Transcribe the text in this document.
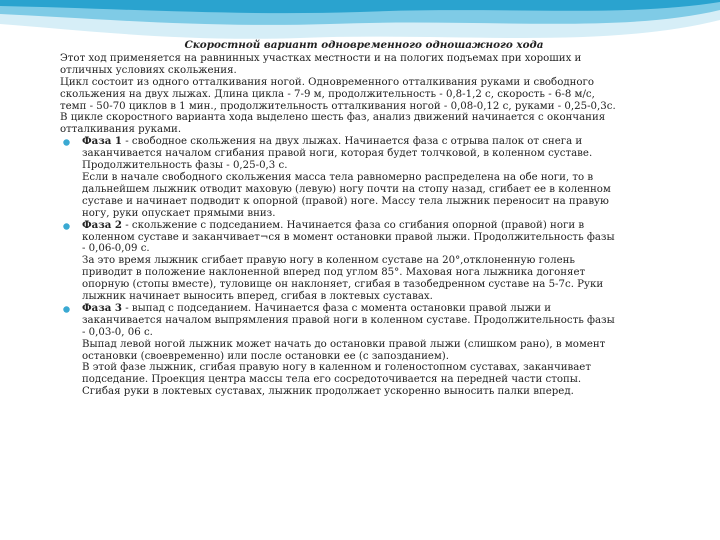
Скоростной вариант одновременного одношажного хода

Этот ход применяется на равнинных участках местности и на пологих подъемах при хороших и

отличных условиях скольжения.

Цикл состоит из одного отталкивания ногой. Одновременного отталкивания руками и свободного

скольжения на двух лыжах. Длина цикла - 7-9 м, продолжительность - 0,8-1,2 с, скорость - 6-8 м/с,

темп - 50-70 циклов в 1 мин., продолжительность отталкивания ногой - 0,08-0,12 с, руками - 0,25-0,3с.

В цикле скоростного варианта хода выделено шесть фаз, анализ движений начинается с окончания

отталкивания руками.

Фаза 1 - свободное скольжения на двух лыжах. Начинается фаза с отрыва палок от снега и

заканчивается началом сгибания правой ноги, которая будет толчковой, в коленном суставе.

Продолжительность фазы - 0,25-0,3 с.

Если в начале свободного скольжения масса тела равномерно распределена на обе ноги, то в

дальнейшем лыжник отводит маховую (левую) ногу почти на стопу назад, сгибает ее в коленном

суставе и начинает подводит к опорной (правой) ноге. Массу тела лыжник переносит на правую

ногу, руки опускает прямыми вниз.

Фаза 2 - скольжение с подседанием. Начинается фаза со сгибания опорной (правой) ноги в

коленном суставе и заканчивает¬ся в момент остановки правой лыжи. Продолжительность фазы

- 0,06-0,09 с.

За это время лыжник сгибает правую ногу в коленном суставе на 20°,отклоненную голень

приводит в положение наклоненной вперед под углом 85°. Маховая нога лыжника догоняет

опорную (стопы вместе), туловище он наклоняет, сгибая в тазобедренном суставе на 5-7с. Руки

лыжник начинает выносить вперед, сгибая в локтевых суставах.

Фаза 3 - выпад с подседанием. Начинается фаза с момента остановки правой лыжи и

заканчивается началом выпрямления правой ноги в коленном суставе. Продолжительность фазы

- 0,03-0, 06 с.

Выпад левой ногой лыжник может начать до остановки правой лыжи (слишком рано), в момент

остановки (своевременно) или после остановки ее (с запозданием).

В этой фазе лыжник, сгибая правую ногу в каленном и голеностопном суставах, заканчивает

подседание. Проекция центра массы тела его сосредоточивается на передней части стопы.

Сгибая руки в локтевых суставах, лыжник продолжает ускоренно выносить палки вперед.
